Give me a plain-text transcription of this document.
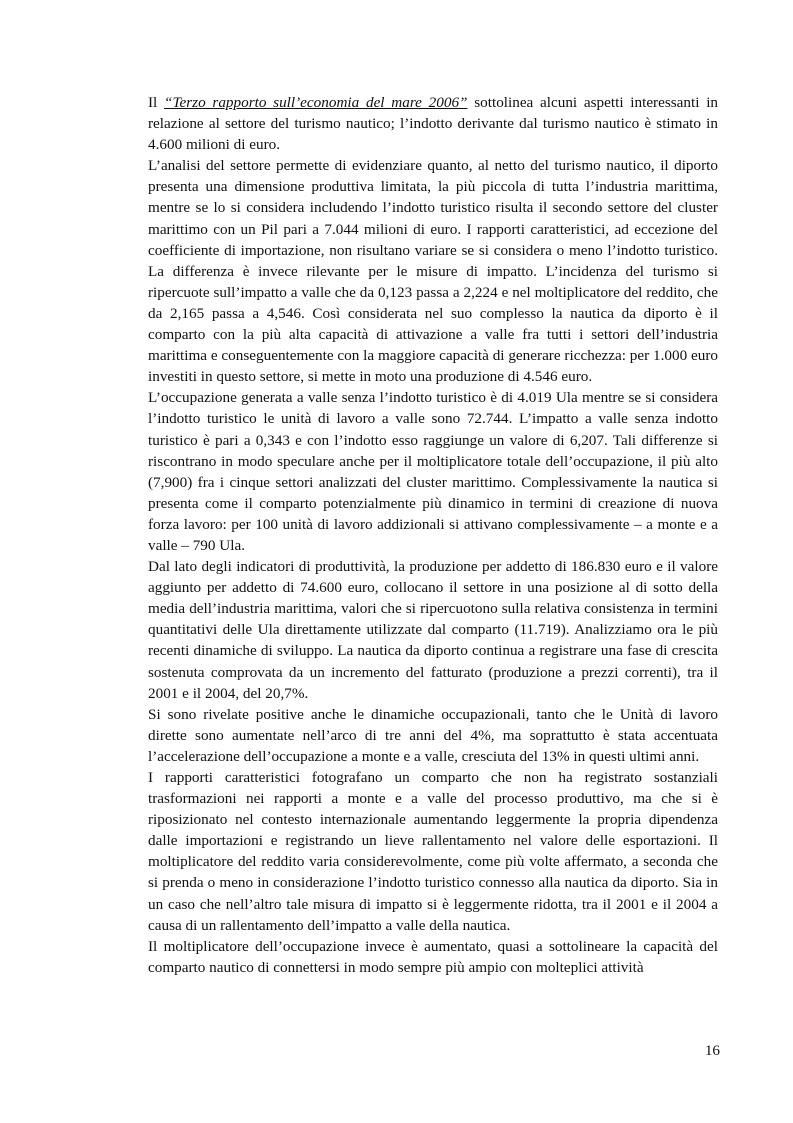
Il “Terzo rapporto sull’economia del mare 2006” sottolinea alcuni aspetti interessanti in relazione al settore del turismo nautico; l’indotto derivante dal turismo nautico è stimato in 4.600 milioni di euro.

L’analisi del settore permette di evidenziare quanto, al netto del turismo nautico, il diporto presenta una dimensione produttiva limitata, la più piccola di tutta l’industria marittima, mentre se lo si considera includendo l’indotto turistico risulta il secondo settore del cluster marittimo con un Pil pari a 7.044 milioni di euro. I rapporti caratteristici, ad eccezione del coefficiente di importazione, non risultano variare se si considera o meno l’indotto turistico. La differenza è invece rilevante per le misure di impatto. L’incidenza del turismo si ripercuote sull’impatto a valle che da 0,123 passa a 2,224 e nel moltiplicatore del reddito, che da 2,165 passa a 4,546. Così considerata nel suo complesso la nautica da diporto è il comparto con la più alta capacità di attivazione a valle fra tutti i settori dell’industria marittima e conseguentemente con la maggiore capacità di generare ricchezza: per 1.000 euro investiti in questo settore, si mette in moto una produzione di 4.546 euro.

L’occupazione generata a valle senza l’indotto turistico è di 4.019 Ula mentre se si considera l’indotto turistico le unità di lavoro a valle sono 72.744. L’impatto a valle senza indotto turistico è pari a 0,343 e con l’indotto esso raggiunge un valore di 6,207. Tali differenze si riscontrano in modo speculare anche per il moltiplicatore totale dell’occupazione, il più alto (7,900) fra i cinque settori analizzati del cluster marittimo. Complessivamente la nautica si presenta come il comparto potenzialmente più dinamico in termini di creazione di nuova forza lavoro: per 100 unità di lavoro addizionali si attivano complessivamente – a monte e a valle – 790 Ula.

Dal lato degli indicatori di produttività, la produzione per addetto di 186.830 euro e il valore aggiunto per addetto di 74.600 euro, collocano il settore in una posizione al di sotto della media dell’industria marittima, valori che si ripercuotono sulla relativa consistenza in termini quantitativi delle Ula direttamente utilizzate dal comparto (11.719). Analizziamo ora le più recenti dinamiche di sviluppo. La nautica da diporto continua a registrare una fase di crescita sostenuta comprovata da un incremento del fatturato (produzione a prezzi correnti), tra il 2001 e il 2004, del 20,7%.

Si sono rivelate positive anche le dinamiche occupazionali, tanto che le Unità di lavoro dirette sono aumentate nell’arco di tre anni del 4%, ma soprattutto è stata accentuata l’accelerazione dell’occupazione a monte e a valle, cresciuta del 13% in questi ultimi anni.

I rapporti caratteristici fotografano un comparto che non ha registrato sostanziali trasformazioni nei rapporti a monte e a valle del processo produttivo, ma che si è riposizionato nel contesto internazionale aumentando leggermente la propria dipendenza dalle importazioni e registrando un lieve rallentamento nel valore delle esportazioni. Il moltiplicatore del reddito varia considerevolmente, come più volte affermato, a seconda che si prenda o meno in considerazione l’indotto turistico connesso alla nautica da diporto. Sia in un caso che nell’altro tale misura di impatto si è leggermente ridotta, tra il 2001 e il 2004 a causa di un rallentamento dell’impatto a valle della nautica.

Il moltiplicatore dell’occupazione invece è aumentato, quasi a sottolineare la capacità del comparto nautico di connettersi in modo sempre più ampio con molteplici attività

16
